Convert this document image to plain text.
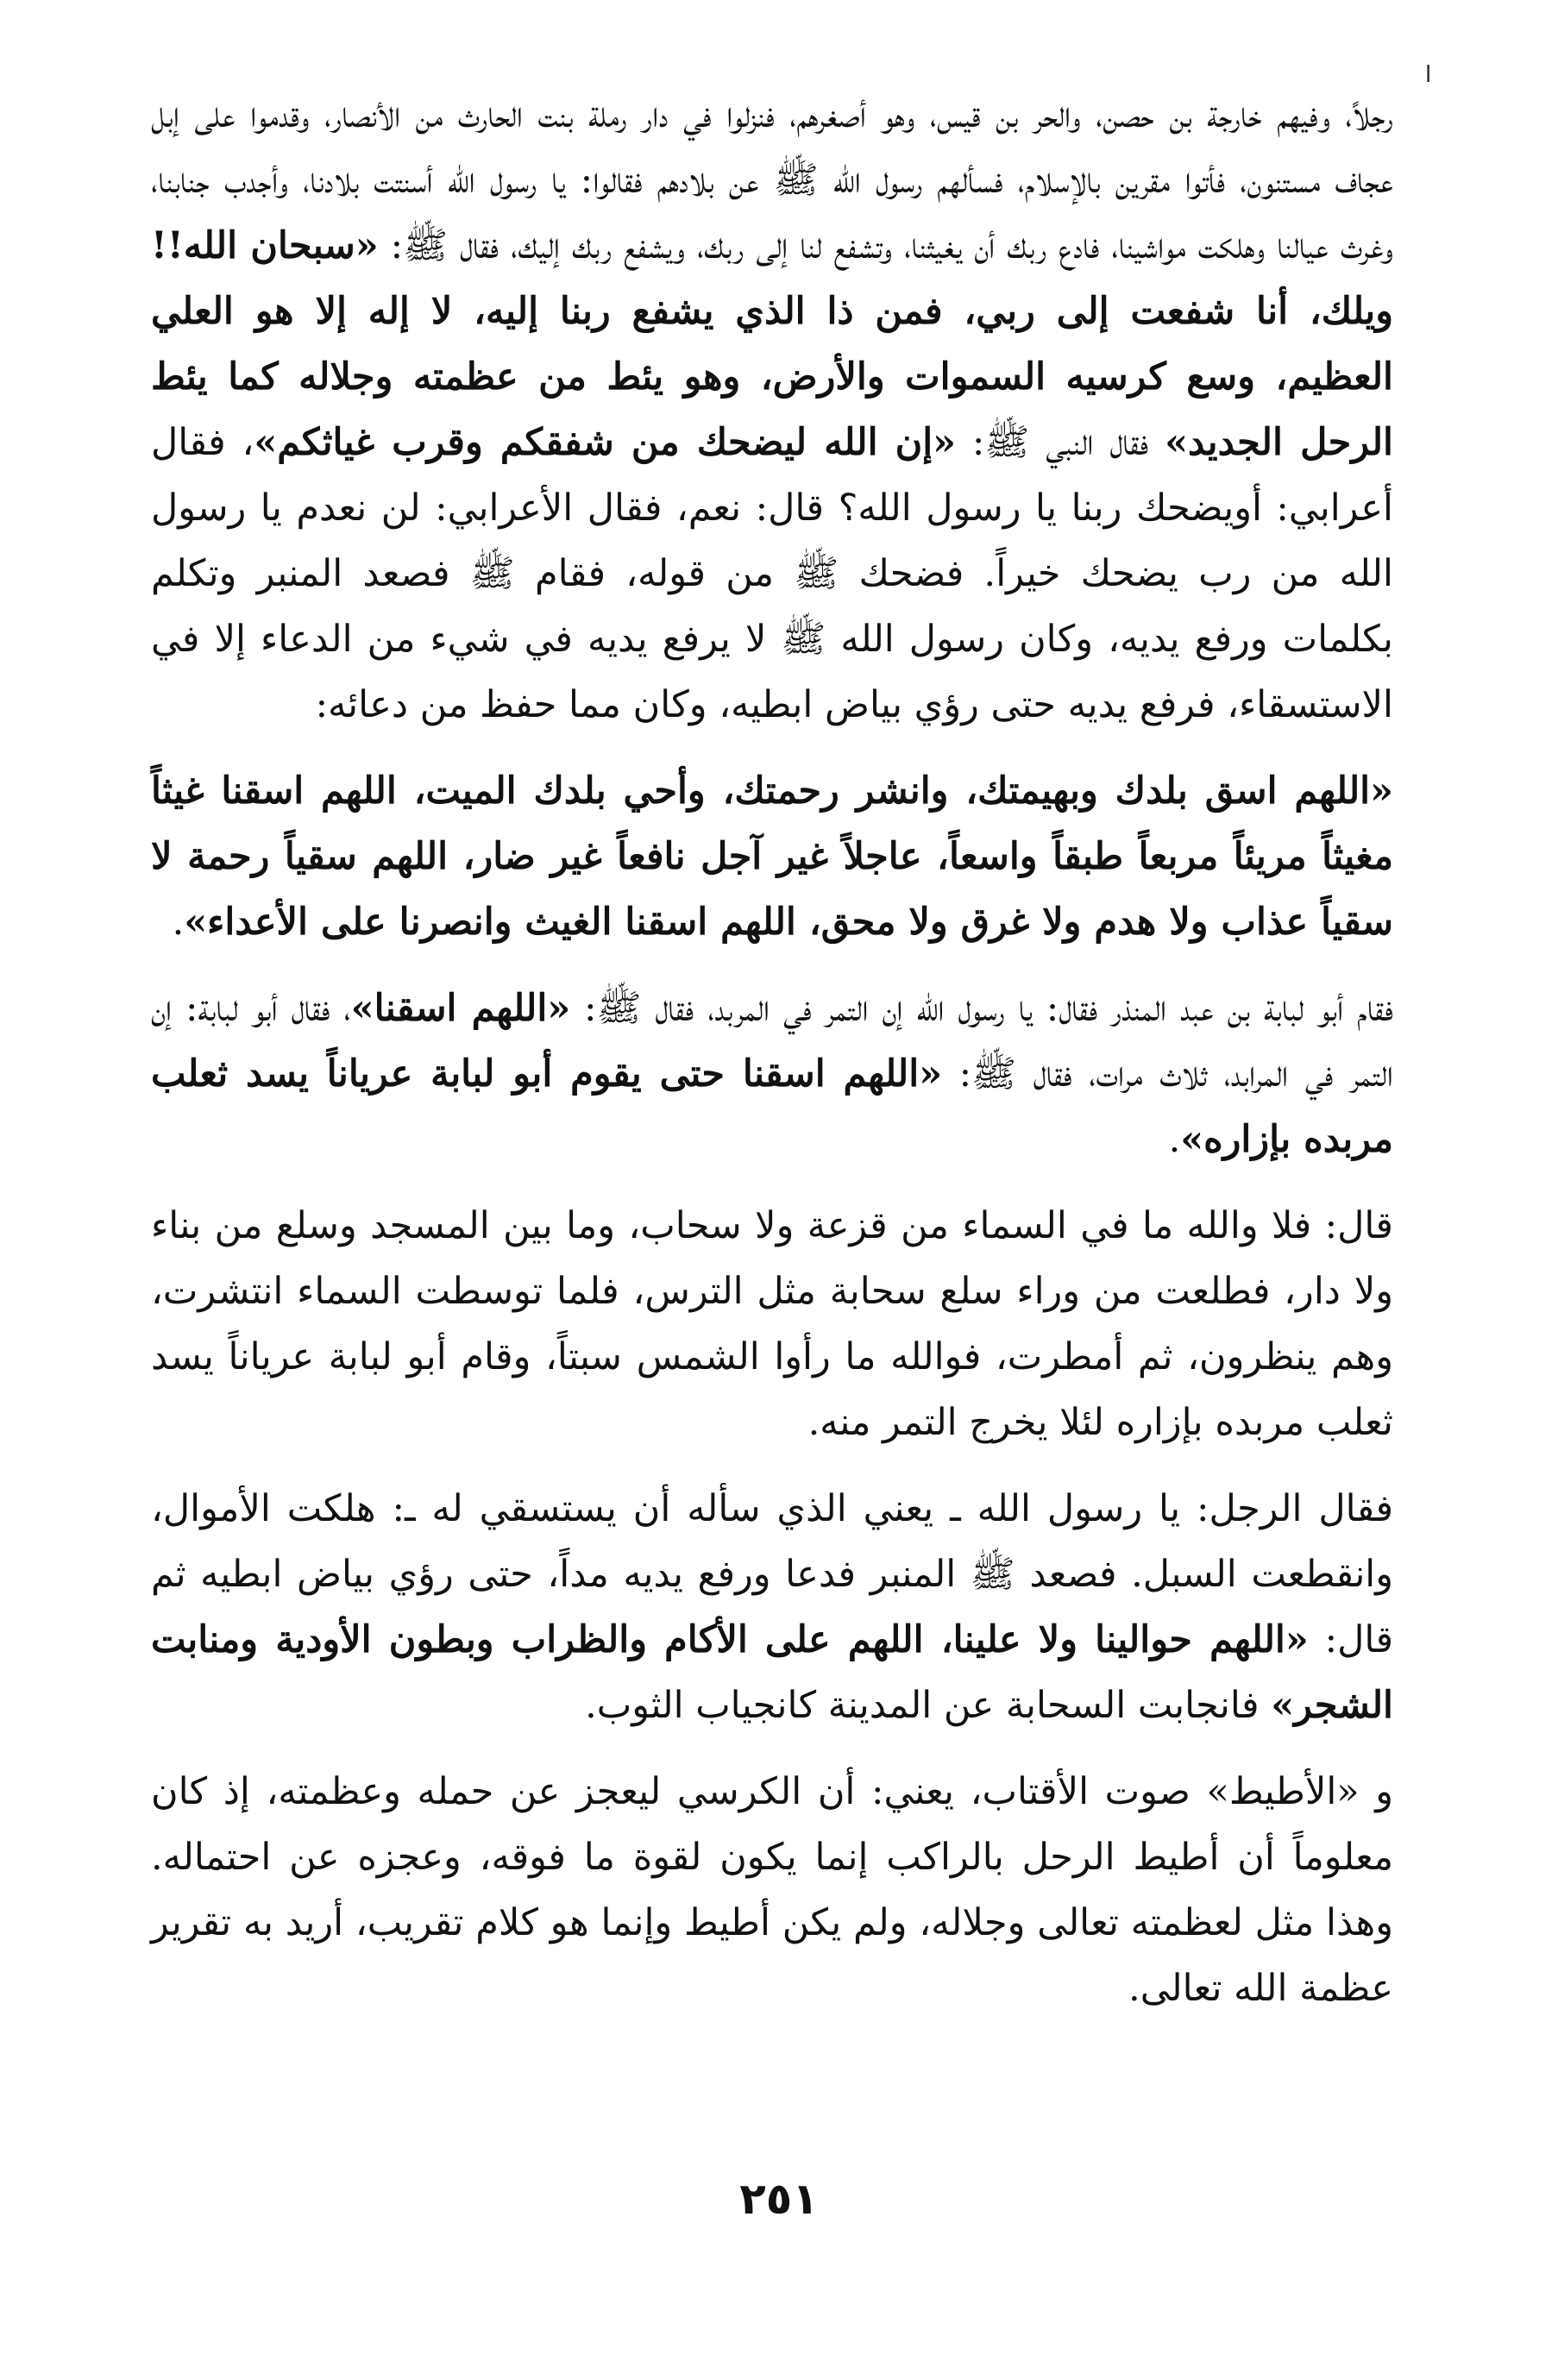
ا

رجلاً، وفيهم خارجة بن حصن، والحر بن قيس، وهو أصغرهم، فنزلوا في دار رملة بنت الحارث من الأنصار، وقدموا على إبل عجاف مستنون، فأتوا مقرين بالإسلام، فسألهم رسول الله ﷺ عن بلادهم فقالوا: يا رسول الله أسنتت بلادنا، وأجدب جنابنا، وغرث عيالنا وهلكت مواشينا، فادع ربك أن يغيثنا، وتشفع لنا إلى ربك، ويشفع ربك إليك، فقال ﷺ: «سبحان الله!! ويلك، أنا شفعت إلى ربي، فمن ذا الذي يشفع ربنا إليه، لا إله إلا هو العلي العظيم، وسع كرسيه السموات والأرض، وهو يئط من عظمته وجلاله كما يئط الرحل الجديد» فقال النبي ﷺ: «إن الله ليضحك من شفقكم وقرب غياثكم»، فقال أعرابي: أويضحك ربنا يا رسول الله؟ قال: نعم، فقال الأعرابي: لن نعدم يا رسول الله من رب يضحك خيراً. فضحك ﷺ من قوله، فقام ﷺ فصعد المنبر وتكلم بكلمات ورفع يديه، وكان رسول الله ﷺ لا يرفع يديه في شيء من الدعاء إلا في الاستسقاء، فرفع يديه حتى رؤي بياض ابطيه، وكان مما حفظ من دعائه:

«اللهم اسق بلدك وبهيمتك، وانشر رحمتك، وأحي بلدك الميت، اللهم اسقنا غيثاً مغيثاً مريئاً مربعاً طبقاً واسعاً، عاجلاً غير آجل نافعاً غير ضار، اللهم سقياً رحمة لا سقياً عذاب ولا هدم ولا غرق ولا محق، اللهم اسقنا الغيث وانصرنا على الأعداء».

فقام أبو لبابة بن عبد المنذر فقال: يا رسول الله إن التمر في المربد، فقال ﷺ: «اللهم اسقنا»، فقال أبو لبابة: إن التمر في المرابد، ثلاث مرات، فقال ﷺ: «اللهم اسقنا حتى يقوم أبو لبابة عرياناً يسد ثعلب مربده بإزاره».

قال: فلا والله ما في السماء من قزعة ولا سحاب، وما بين المسجد وسلع من بناء ولا دار، فطلعت من وراء سلع سحابة مثل الترس، فلما توسطت السماء انتشرت، وهم ينظرون، ثم أمطرت، فوالله ما رأوا الشمس سبتاً، وقام أبو لبابة عرياناً يسد ثعلب مربده بإزاره لئلا يخرج التمر منه.

فقال الرجل: يا رسول الله ـ يعني الذي سأله أن يستسقي له ـ: هلكت الأموال، وانقطعت السبل. فصعد ﷺ المنبر فدعا ورفع يديه مداً، حتى رؤي بياض ابطيه ثم قال: «اللهم حوالينا ولا علينا، اللهم على الأكام والظراب وبطون الأودية ومنابت الشجر» فانجابت السحابة عن المدينة كانجياب الثوب.

و «الأطيط» صوت الأقتاب، يعني: أن الكرسي ليعجز عن حمله وعظمته، إذ كان معلوماً أن أطيط الرحل بالراكب إنما يكون لقوة ما فوقه، وعجزه عن احتماله. وهذا مثل لعظمته تعالى وجلاله، ولم يكن أطيط وإنما هو كلام تقريب، أريد به تقرير عظمة الله تعالى.

٢٥١
